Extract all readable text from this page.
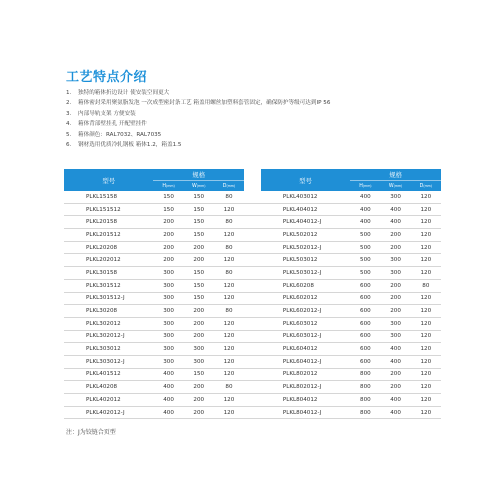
工艺特点介绍
1. 独特的箱体折边设计 使安装空间更大
2. 箱体密封采用聚氨脂发泡 一次成型密封条工艺 箱盖用螺丝加塑料套管固定，确保防护等级可达到IP 56
3. 内部导轨支架 方便安装
4. 箱体背部壁挂孔 开配壁挂件
5. 箱体颜色：RAL7032、RAL7035
6. 钢材选用优质冷轧钢板 箱体1.2，箱盖1.5
型号	规格				型号	规格		
	H(mm)	W(mm)	D(mm)			H(mm)	W(mm)	D(mm)
PLKL15158	150	150	80		PLKL403012	400	300	120
PLKL151512	150	150	120		PLKL404012	400	400	120
PLKL20158	200	150	80		PLKL404012-J	400	400	120
PLKL201512	200	150	120		PLKL502012	500	200	120
PLKL20208	200	200	80		PLKL502012-J	500	200	120
PLKL202012	200	200	120		PLKL503012	500	300	120
PLKL30158	300	150	80		PLKL503012-J	500	300	120
PLKL301512	300	150	120		PLKL60208	600	200	80
PLKL301512-J	300	150	120		PLKL602012	600	200	120
PLKL30208	300	200	80		PLKL602012-J	600	200	120
PLKL302012	300	200	120		PLKL603012	600	300	120
PLKL302012-J	300	200	120		PLKL603012-J	600	300	120
PLKL303012	300	300	120		PLKL604012	600	400	120
PLKL303012-J	300	300	120		PLKL604012-J	600	400	120
PLKL401512	400	150	120		PLKL802012	800	200	120
PLKL40208	400	200	80		PLKL802012-J	800	200	120
PLKL402012	400	200	120		PLKL804012	800	400	120
PLKL402012-J	400	200	120		PLKL804012-J	800	400	120
注：J为铰链合页型
